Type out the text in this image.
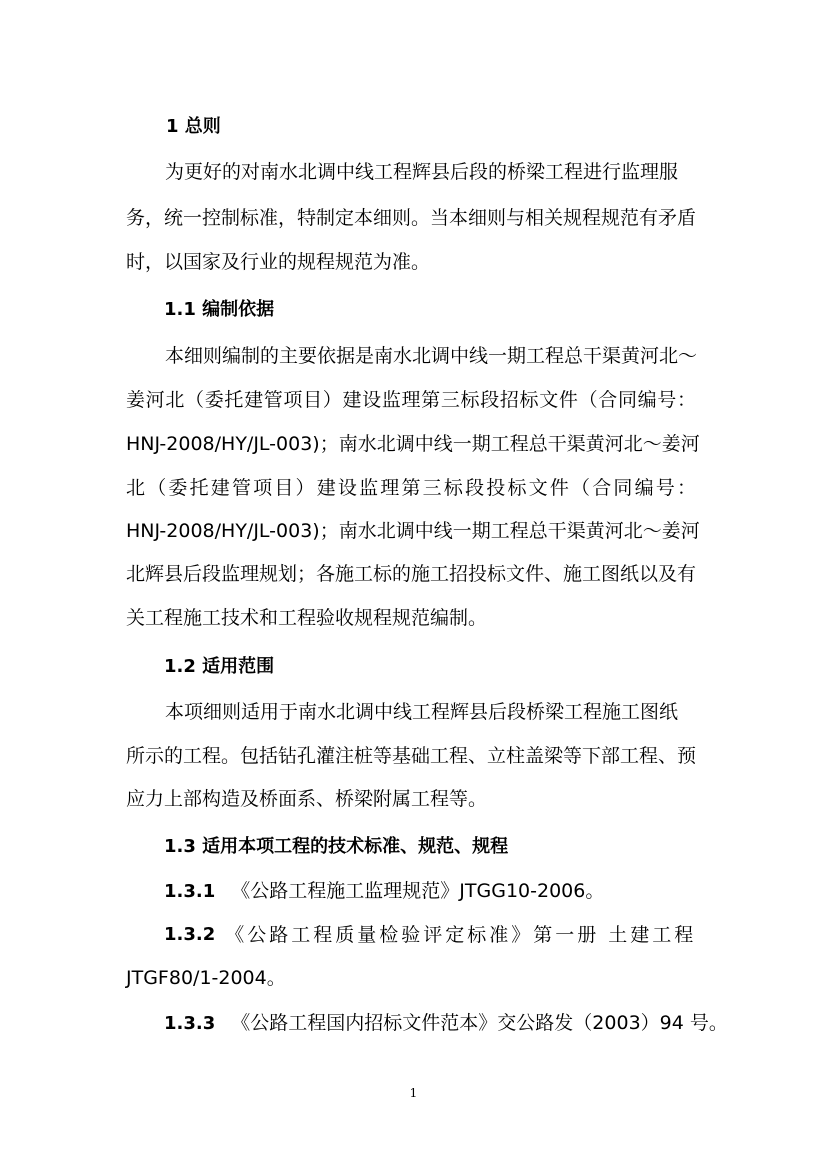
1 总则
为更好的对南水北调中线工程辉县后段的桥梁工程进行监理服
务，统一控制标准，特制定本细则。当本细则与相关规程规范有矛盾
时，以国家及行业的规程规范为准。
1.1 编制依据
本细则编制的主要依据是南水北调中线一期工程总干渠黄河北～
姜河北（委托建管项目）建设监理第三标段招标文件（合同编号：
HNJ-2008/HY/JL-003)；南水北调中线一期工程总干渠黄河北～姜河
北（委托建管项目）建设监理第三标段投标文件（合同编号：
HNJ-2008/HY/JL-003)；南水北调中线一期工程总干渠黄河北～姜河
北辉县后段监理规划；各施工标的施工招投标文件、施工图纸以及有
关工程施工技术和工程验收规程规范编制。
1.2 适用范围
本项细则适用于南水北调中线工程辉县后段桥梁工程施工图纸
所示的工程。包括钻孔灌注桩等基础工程、立柱盖梁等下部工程、预
应力上部构造及桥面系、桥梁附属工程等。
1.3 适用本项工程的技术标准、规范、规程
1.3.1 《公路工程施工监理规范》JTGG10-2006。
1.3.2 《公路工程质量检验评定标准》第一册 土建工程
JTGF80/1-2004。
1.3.3 《公路工程国内招标文件范本》交公路发（2003）94 号。
1
